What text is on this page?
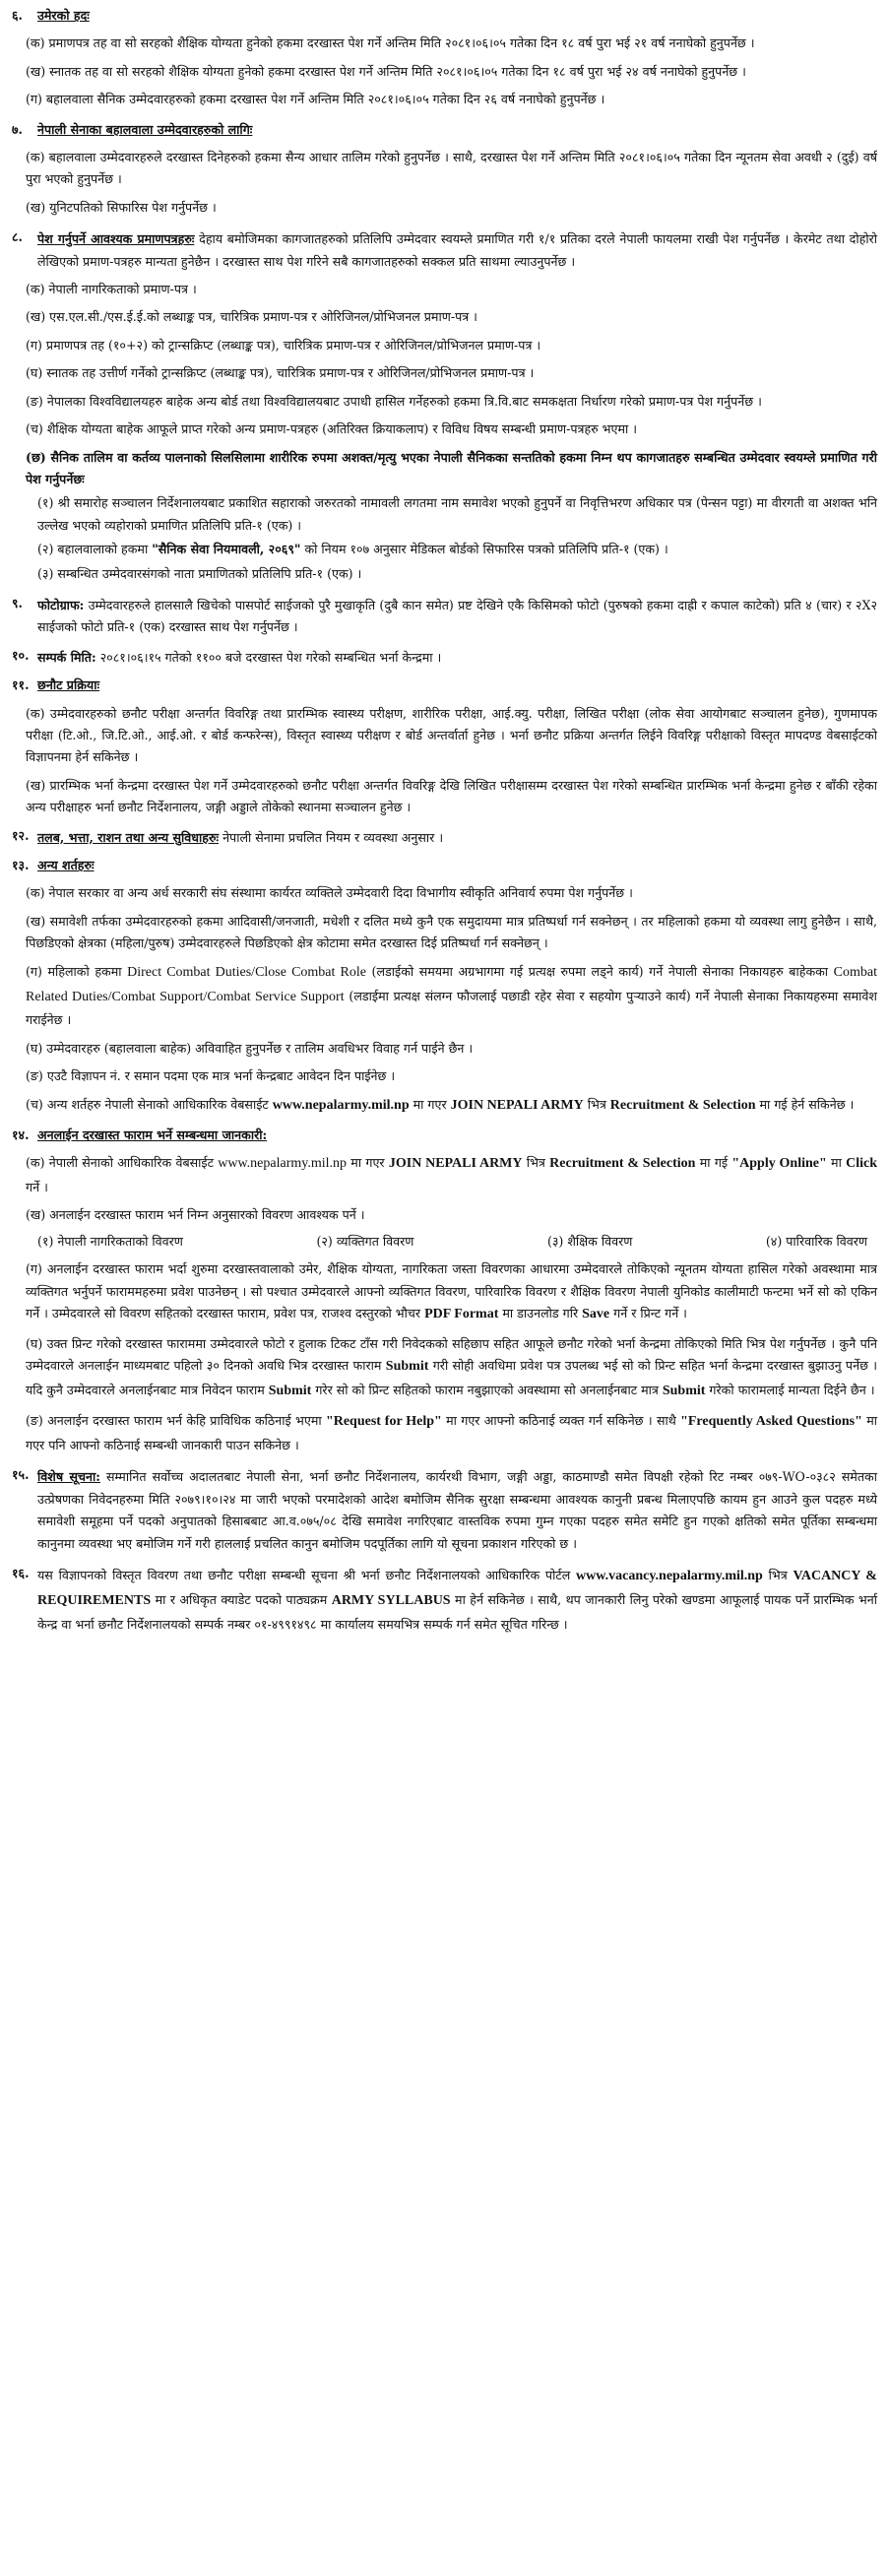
६.	उमेरको हदः
(क) प्रमाणपत्र तह वा सो सरहको शैक्षिक योग्यता हुनेको हकमा दरखास्त पेश गर्ने अन्तिम मिति २०८१।०६।०५ गतेका दिन १८ वर्ष पुरा भई २१ वर्ष ननाघेको हुनुपर्नेछ ।
(ख) स्नातक तह वा सो सरहको शैक्षिक योग्यता हुनेको हकमा दरखास्त पेश गर्ने अन्तिम मिति २०८१।०६।०५ गतेका दिन १८ वर्ष पुरा भई २४ वर्ष ननाघेको हुनुपर्नेछ ।
(ग) बहालवाला सैनिक उम्मेदवारहरुको हकमा दरखास्त पेश गर्ने अन्तिम मिति २०८१।०६।०५ गतेका दिन २६ वर्ष ननाघेको हुनुपर्नेछ ।
७.	नेपाली सेनाका बहालवाला उम्मेदवारहरुको लागिः
(क) बहालवाला उम्मेदवारहरुले दरखास्त दिनेहरुको हकमा सैन्य आधार तालिम गरेको हुनुपर्नेछ । साथै, दरखास्त पेश गर्ने अन्तिम मिति २०८१।०६।०५ गतेका दिन न्यूनतम सेवा अवधी २ (दुई) वर्ष पुरा भएको हुनुपर्नेछ ।
(ख) युनिटपतिको सिफारिस पेश गर्नुपर्नेछ ।
८.	पेश गर्नुपर्ने आवश्यक प्रमाणपत्रहरुः देहाय बमोजिमका कागजातहरुको प्रतिलिपि उम्मेदवार स्वयम्ले प्रमाणित गरी १/१ प्रतिका दरले नेपाली फायलमा राखी पेश गर्नुपर्नेछ । केरमेट तथा दोहोरो लेखिएको प्रमाण-पत्रहरु मान्यता हुनेछैन । दरखास्त साथ पेश गरिने सबै कागजातहरुको सक्कल प्रति साथमा ल्याउनुपर्नेछ ।
(क) नेपाली नागरिकताको प्रमाण-पत्र ।
(ख) एस.एल.सी./एस.ई.ई.को लब्धाङ्क पत्र, चारित्रिक प्रमाण-पत्र र ओरिजिनल/प्रोभिजनल प्रमाण-पत्र ।
(ग) प्रमाणपत्र तह (१०+२) को ट्रान्सक्रिप्ट (लब्धाङ्क पत्र), चारित्रिक प्रमाण-पत्र र ओरिजिनल/प्रोभिजनल प्रमाण-पत्र ।
(घ) स्नातक तह उत्तीर्ण गर्नेको ट्रान्सक्रिप्ट (लब्धाङ्क पत्र), चारित्रिक प्रमाण-पत्र र ओरिजिनल/प्रोभिजनल प्रमाण-पत्र ।
(ङ) नेपालका विश्वविद्यालयहरु बाहेक अन्य बोर्ड तथा विश्वविद्यालयबाट उपाधी हासिल गर्नेहरुको हकमा त्रि.वि.बाट समकक्षता निर्धारण गरेको प्रमाण-पत्र पेश गर्नुपर्नेछ ।
(च) शैक्षिक योग्यता बाहेक आफूले प्राप्त गरेको अन्य प्रमाण-पत्रहरु (अतिरिक्त क्रियाकलाप) र विविध विषय सम्बन्धी प्रमाण-पत्रहरु भएमा ।
(छ) सैनिक तालिम वा कर्तव्य पालनाको सिलसिलामा शारीरिक रुपमा अशक्त/मृत्यु भएका नेपाली सैनिकका सन्ततिको हकमा निम्न थप कागजातहरु सम्बन्धित उम्मेदवार स्वयम्ले प्रमाणित गरी पेश गर्नुपर्नेछः
(१) श्री समारोह सञ्चालन निर्देशनालयबाट प्रकाशित सहाराको जरुरतको नामावली लगतमा नाम समावेश भएको हुनुपर्ने वा निवृत्तिभरण अधिकार पत्र (पेन्सन पट्टा) मा वीरगती वा अशक्त भनि उल्लेख भएको व्यहोराको प्रमाणित प्रतिलिपि प्रति-१ (एक) ।
(२) बहालवालाको हकमा "सैनिक सेवा नियमावली, २०६९" को नियम १०७ अनुसार मेडिकल बोर्डको सिफारिस पत्रको प्रतिलिपि प्रति-१ (एक) ।
(३) सम्बन्धित उम्मेदवारसंगको नाता प्रमाणितको प्रतिलिपि प्रति-१ (एक) ।
९.	फोटोग्राफ: उम्मेदवारहरुले हालसालै खिचेको पासपोर्ट साईजको पुरै मुखाकृति (दुबै कान समेत) प्रष्ट देखिने एकै किसिमको फोटो (पुरुषको हकमा दाह्री र कपाल काटेको) प्रति ४ (चार) र २X२ साईजको फोटो प्रति-१ (एक) दरखास्त साथ पेश गर्नुपर्नेछ ।
१०. सम्पर्क मिति: २०८१।०६।१५ गतेको ११०० बजे दरखास्त पेश गरेको सम्बन्धित भर्ना केन्द्रमा ।
११. छनौट प्रक्रियाः
(क) उम्मेदवारहरुको छनौट परीक्षा अन्तर्गत विवरिङ्ग तथा प्रारम्भिक स्वास्थ्य परीक्षण, शारीरिक परीक्षा, आई.क्यु. परीक्षा, लिखित परीक्षा (लोक सेवा आयोगबाट सञ्चालन हुनेछ), गुणमापक परीक्षा (टि.ओ., जि.टि.ओ., आई.ओ. र बोर्ड कन्फरेन्स), विस्तृत स्वास्थ्य परीक्षण र बोर्ड अन्तर्वार्ता हुनेछ । भर्ना छनौट प्रक्रिया अन्तर्गत लिईने विवरिङ्ग परीक्षाको विस्तृत मापदण्ड वेबसाईटको विज्ञापनमा हेर्न सकिनेछ ।
(ख) प्रारम्भिक भर्ना केन्द्रमा दरखास्त पेश गर्ने उम्मेदवारहरुको छनौट परीक्षा अन्तर्गत विवरिङ्ग देखि लिखित परीक्षासम्म दरखास्त पेश गरेको सम्बन्धित प्रारम्भिक भर्ना केन्द्रमा हुनेछ र बाँकी रहेका अन्य परीक्षाहरु भर्ना छनौट निर्देशनालय, जङ्गी अड्डाले तोकेको स्थानमा सञ्चालन हुनेछ ।
१२. तलब, भत्ता, राशन तथा अन्य सुविधाहरुः नेपाली सेनामा प्रचलित नियम र व्यवस्था अनुसार ।
१३. अन्य शर्तहरुः
(क) नेपाल सरकार वा अन्य अर्ध सरकारी संघ संस्थामा कार्यरत व्यक्तिले उम्मेदवारी दिदा विभागीय स्वीकृति अनिवार्य रुपमा पेश गर्नुपर्नेछ ।
(ख) समावेशी तर्फका उम्मेदवारहरुको हकमा आदिवासी/जनजाती, मधेशी र दलित मध्ये कुनै एक समुदायमा मात्र प्रतिष्पर्धा गर्न सक्नेछन् । तर महिलाको हकमा यो व्यवस्था लागु हुनेछैन । साथै, पिछडिएको क्षेत्रका (महिला/पुरुष) उम्मेदवारहरुले पिछडिएको क्षेत्र कोटामा समेत दरखास्त दिई प्रतिष्पर्धा गर्न सक्नेछन् ।
(ग) महिलाको हकमा Direct Combat Duties/Close Combat Role (लडाईको समयमा अग्रभागमा गई प्रत्यक्ष रुपमा लड्ने कार्य) गर्ने नेपाली सेनाका निकायहरु बाहेकका Combat Related Duties/Combat Support/Combat Service Support (लडाईमा प्रत्यक्ष संलग्न फौजलाई पछाडी रहेर सेवा र सहयोग पुऱ्याउने कार्य) गर्ने नेपाली सेनाका निकायहरुमा समावेश गराईनेछ ।
(घ) उम्मेदवारहरु (बहालवाला बाहेक) अविवाहित हुनुपर्नेछ र तालिम अवधिभर विवाह गर्न पाईने छैन ।
(ङ) एउटै विज्ञापन नं. र समान पदमा एक मात्र भर्ना केन्द्रबाट आवेदन दिन पाईनेछ ।
(च) अन्य शर्तहरु नेपाली सेनाको आधिकारिक वेबसाईट www.nepalarmy.mil.np मा गएर JOIN NEPALI ARMY भित्र Recruitment & Selection मा गई हेर्न सकिनेछ ।
१४. अनलाईन दरखास्त फाराम भर्ने सम्बन्धमा जानकारी:
(क) नेपाली सेनाको आधिकारिक वेबसाईट www.nepalarmy.mil.np मा गएर JOIN NEPALI ARMY भित्र Recruitment & Selection मा गई "Apply Online" मा Click गर्ने ।
(ख) अनलाईन दरखास्त फाराम भर्न निम्न अनुसारको विवरण आवश्यक पर्ने ।
(१) नेपाली नागरिकताको विवरण	(२) व्यक्तिगत विवरण	(३) शैक्षिक विवरण	(४) पारिवारिक विवरण
(ग) अनलाईन दरखास्त फाराम भर्दा शुरुमा दरखास्तवालाको उमेर, शैक्षिक योग्यता, नागरिकता जस्ता विवरणका आधारमा उम्मेदवारले तोकिएको न्यूनतम योग्यता हासिल गरेको अवस्थामा मात्र व्यक्तिगत भर्नुपर्ने फाराममहरुमा प्रवेश पाउनेछन् । सो पश्चात उम्मेदवारले आफ्नो व्यक्तिगत विवरण, पारिवारिक विवरण र शैक्षिक विवरण नेपाली युनिकोड कालीमाटी फन्टमा भर्ने सो को एकिन गर्ने । उम्मेदवारले सो विवरण सहितको दरखास्त फाराम, प्रवेश पत्र, राजश्व दस्तुरको भौचर PDF Format मा डाउनलोड गरि Save गर्ने र प्रिन्ट गर्ने ।
(घ) उक्त प्रिन्ट गरेको दरखास्त फाराममा उम्मेदवारले फोटो र हुलाक टिकट टाँस गरी निवेदकको सहिछाप सहित आफूले छनौट गरेको भर्ना केन्द्रमा तोकिएको मिति भित्र पेश गर्नुपर्नेछ । कुनै पनि उम्मेदवारले अनलाईन माध्यमबाट पहिलो ३० दिनको अवधि भित्र दरखास्त फाराम Submit गरी सोही अवधिमा प्रवेश पत्र उपलब्ध भई सो को प्रिन्ट सहित भर्ना केन्द्रमा दरखास्त बुझाउनु पर्नेछ । यदि कुनै उम्मेदवारले अनलाईनबाट मात्र निवेदन फाराम Submit गरेर सो को प्रिन्ट सहितको फाराम नबुझाएको अवस्थामा सो अनलाईनबाट मात्र Submit गरेको फारामलाई मान्यता दिईने छैन ।
(ङ) अनलाईन दरखास्त फाराम भर्न केहि प्राविधिक कठिनाई भएमा "Request for Help" मा गएर आफ्नो कठिनाई व्यक्त गर्न सकिनेछ । साथै "Frequently Asked Questions" मा गएर पनि आफ्नो कठिनाई सम्बन्धी जानकारी पाउन सकिनेछ ।
१५. विशेष सूचना: सम्मानित सर्वोच्च अदालतबाट नेपाली सेना, भर्ना छनौट निर्देशनालय, कार्यरथी विभाग, जङ्गी अड्डा, काठमाण्डौ समेत विपक्षी रहेको रिट नम्बर ०७९-WO-०३८२ समेतका उत्प्रेषणका निवेदनहरुमा मिति २०७९।१०।२४ मा जारी भएको परमादेशको आदेश बमोजिम सैनिक सुरक्षा सम्बन्धमा आवश्यक कानुनी प्रबन्ध मिलाएपछि कायम हुन आउने कुल पदहरु मध्ये समावेशी समूहमा पर्ने पदको अनुपातको हिसाबबाट आ.व.०७५/०८ देखि समावेश नगरिएबाट वास्तविक रुपमा गुम्न गएका पदहरु समेत समेटि हुन गएको क्षतिको समेत पूर्तिका सम्बन्धमा कानुनमा व्यवस्था भए बमोजिम गर्ने गरी हाललाई प्रचलित कानुन बमोजिम पदपूर्तिका लागि यो सूचना प्रकाशन गरिएको छ ।
१६. यस विज्ञापनको विस्तृत विवरण तथा छनौट परीक्षा सम्बन्धी सूचना श्री भर्ना छनौट निर्देशनालयको आधिकारिक पोर्टल www.vacancy.nepalarmy.mil.np भित्र VACANCY & REQUIREMENTS मा र अधिकृत क्याडेट पदको पाठ्यक्रम ARMY SYLLABUS मा हेर्न सकिनेछ । साथै, थप जानकारी लिनु परेको खण्डमा आफूलाई पायक पर्ने प्रारम्भिक भर्ना केन्द्र वा भर्ना छनौट निर्देशनालयको सम्पर्क नम्बर ०१-४९९१४९८ मा कार्यालय समयभित्र सम्पर्क गर्न समेत सूचित गरिन्छ ।
